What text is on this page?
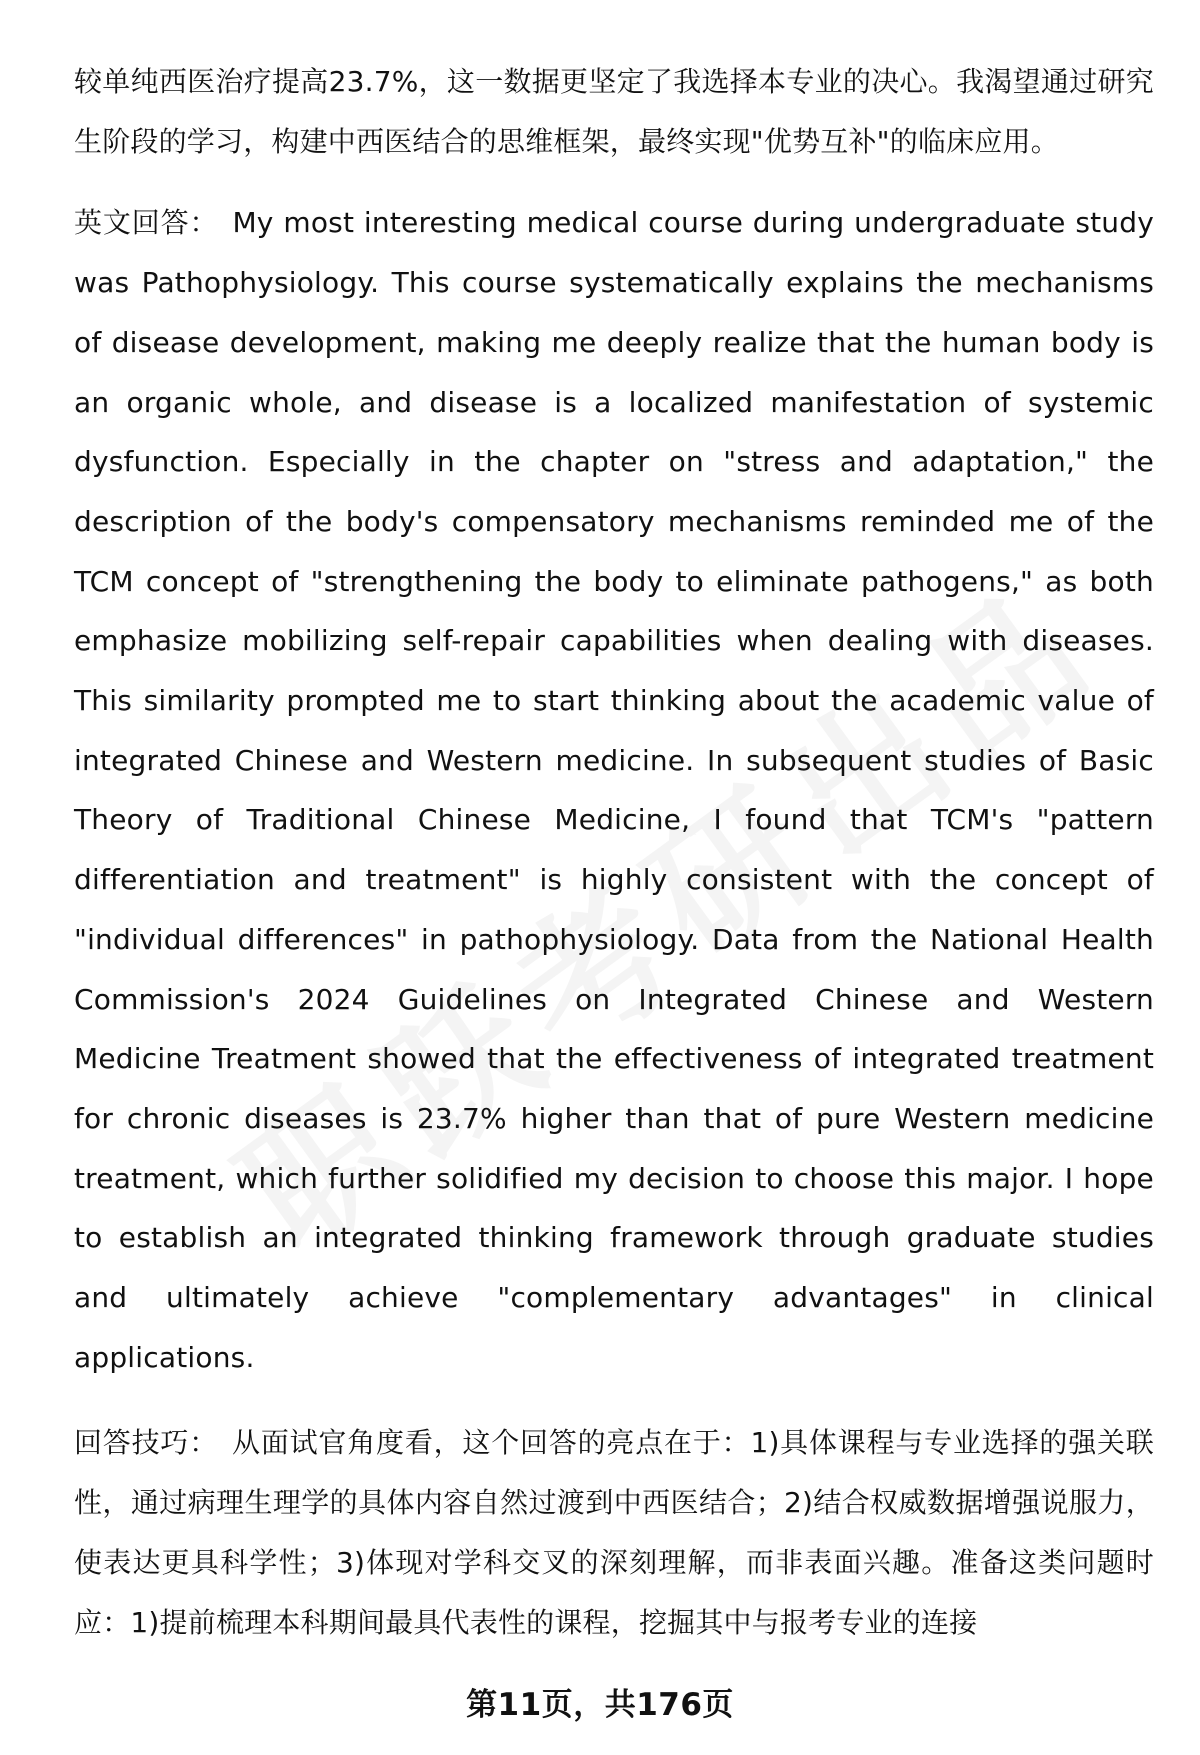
较单纯西医治疗提高23.7%，这一数据更坚定了我选择本专业的决心。我渴望通过研究生阶段的学习，构建中西医结合的思维框架，最终实现"优势互补"的临床应用。

英文回答： My most interesting medical course during undergraduate study was Pathophysiology. This course systematically explains the mechanisms of disease development, making me deeply realize that the human body is an organic whole, and disease is a localized manifestation of systemic dysfunction. Especially in the chapter on "stress and adaptation," the description of the body's compensatory mechanisms reminded me of the TCM concept of "strengthening the body to eliminate pathogens," as both emphasize mobilizing self-repair capabilities when dealing with diseases. This similarity prompted me to start thinking about the academic value of integrated Chinese and Western medicine. In subsequent studies of Basic Theory of Traditional Chinese Medicine, I found that TCM's "pattern differentiation and treatment" is highly consistent with the concept of "individual differences" in pathophysiology. Data from the National Health Commission's 2024 Guidelines on Integrated Chinese and Western Medicine Treatment showed that the effectiveness of integrated treatment for chronic diseases is 23.7% higher than that of pure Western medicine treatment, which further solidified my decision to choose this major. I hope to establish an integrated thinking framework through graduate studies and ultimately achieve "complementary advantages" in clinical applications.

回答技巧： 从面试官角度看，这个回答的亮点在于：1)具体课程与专业选择的强关联性，通过病理生理学的具体内容自然过渡到中西医结合；2)结合权威数据增强说服力，使表达更具科学性；3)体现对学科交叉的深刻理解，而非表面兴趣。准备这类问题时应：1)提前梳理本科期间最具代表性的课程，挖掘其中与报考专业的连接

第11页，共176页
